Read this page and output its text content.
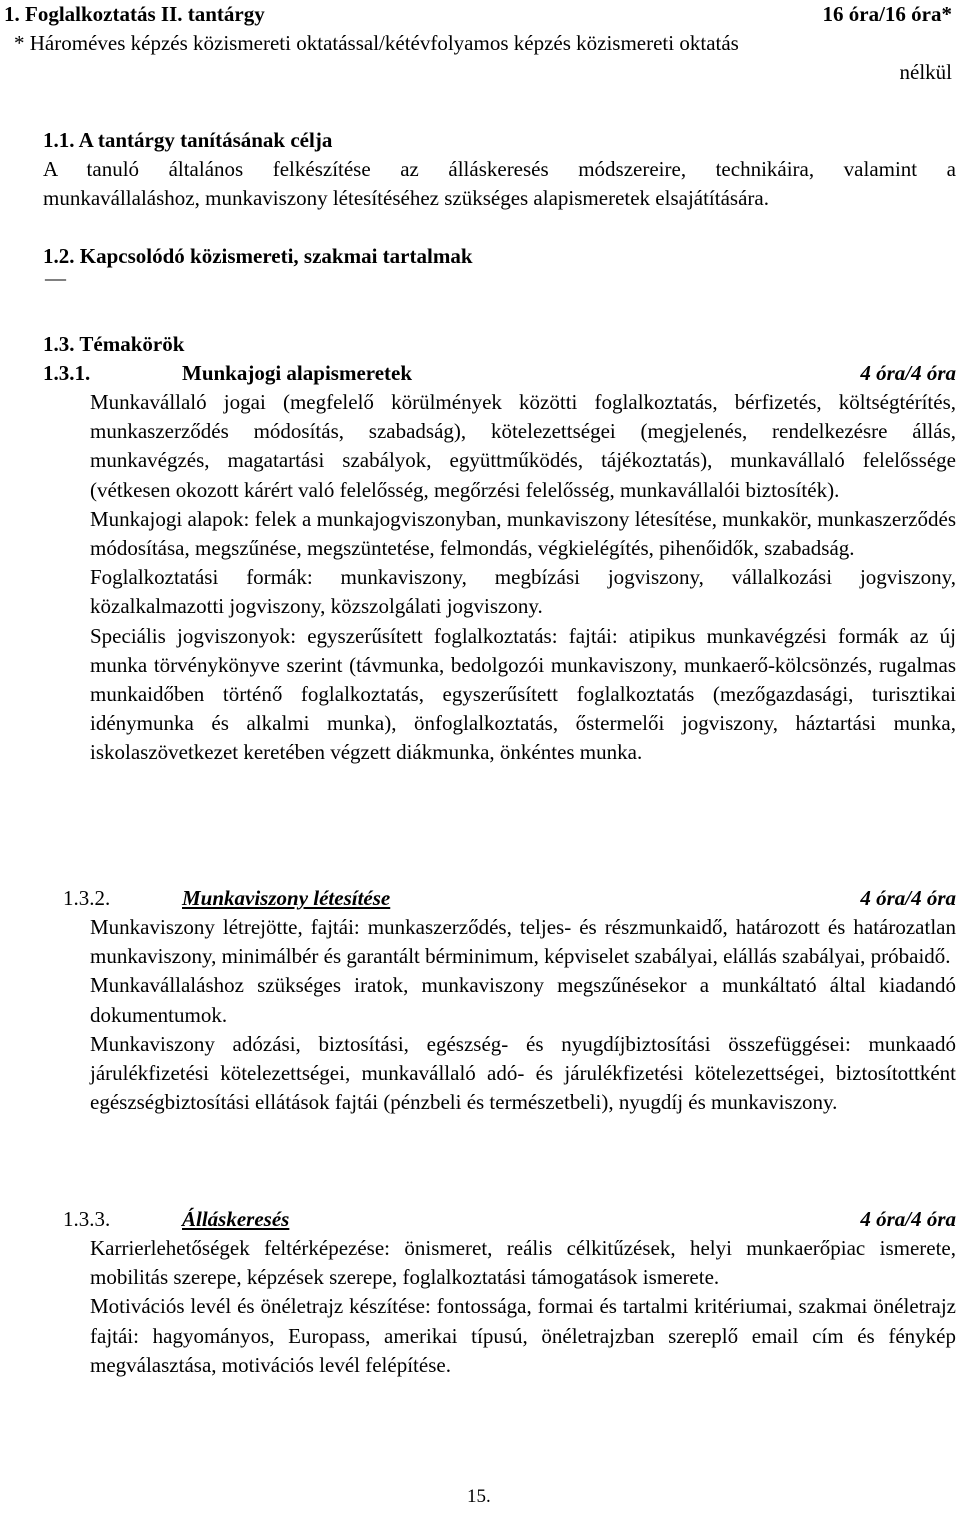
1. Foglalkoztatás II. tantárgy	16 óra/16 óra*
* Hároméves képzés közismereti oktatással/kétévfolyamos képzés közismereti oktatás
nélkül
1.1. A tantárgy tanításának célja
A tanuló általános felkészítése az álláskeresés módszereire, technikáira, valamint a
munkavállaláshoz, munkaviszony létesítéséhez szükséges alapismeretek elsajátítására.
1.2. Kapcsolódó közismereti, szakmai tartalmak
—
1.3. Témakörök
1.3.1.	Munkajogi alapismeretek	4 óra/4 óra

Munkavállaló jogai (megfelelő körülmények közötti foglalkoztatás, bérfizetés, költségtérítés, munkaszerződés módosítás, szabadság), kötelezettségei (megjelenés, rendelkezésre állás, munkavégzés, magatartási szabályok, együttműködés, tájékoztatás), munkavállaló felelőssége (vétkesen okozott kárért való felelősség, megőrzési felelősség, munkavállalói biztosíték).

Munkajogi alapok: felek a munkajogviszonyban, munkaviszony létesítése, munkakör, munkaszerződés módosítása, megszűnése, megszüntetése, felmondás, végkielégítés, pihenőidők, szabadság.

Foglalkoztatási formák: munkaviszony, megbízási jogviszony, vállalkozási jogviszony, közalkalmazotti jogviszony, közszolgálati jogviszony.

Speciális jogviszonyok: egyszerűsített foglalkoztatás: fajtái: atipikus munkavégzési formák az új munka törvénykönyve szerint (távmunka, bedolgozói munkaviszony, munkaerő-kölcsönzés, rugalmas munkaidőben történő foglalkoztatás, egyszerűsített foglalkoztatás (mezőgazdasági, turisztikai idénymunka és alkalmi munka), önfoglalkoztatás, őstermelői jogviszony, háztartási munka, iskolaszövetkezet keretében végzett diákmunka, önkéntes munka.

1.3.2.	Munkaviszony létesítése	4 óra/4 óra

Munkaviszony létrejötte, fajtái: munkaszerződés, teljes- és részmunkaidő, határozott és határozatlan munkaviszony, minimálbér és garantált bérminimum, képviselet szabályai, elállás szabályai, próbaidő.

Munkavállaláshoz szükséges iratok, munkaviszony megszűnésekor a munkáltató által kiadandó dokumentumok.

Munkaviszony adózási, biztosítási, egészség- és nyugdíjbiztosítási összefüggései: munkaadó járulékfizetési kötelezettségei, munkavállaló adó- és járulékfizetési kötelezettségei, biztosítottként egészségbiztosítási ellátások fajtái (pénzbeli és természetbeli), nyugdíj és munkaviszony.

1.3.3.	Álláskeresés	4 óra/4 óra

Karrierlehetőségek feltérképezése: önismeret, reális célkitűzések, helyi munkaerőpiac ismerete, mobilitás szerepe, képzések szerepe, foglalkoztatási támogatások ismerete.

Motivációs levél és önéletrajz készítése: fontossága, formai és tartalmi kritériumai, szakmai önéletrajz fajtái: hagyományos, Europass, amerikai típusú, önéletrajzban szereplő email cím és fénykép megválasztása, motivációs levél felépítése.

15.
